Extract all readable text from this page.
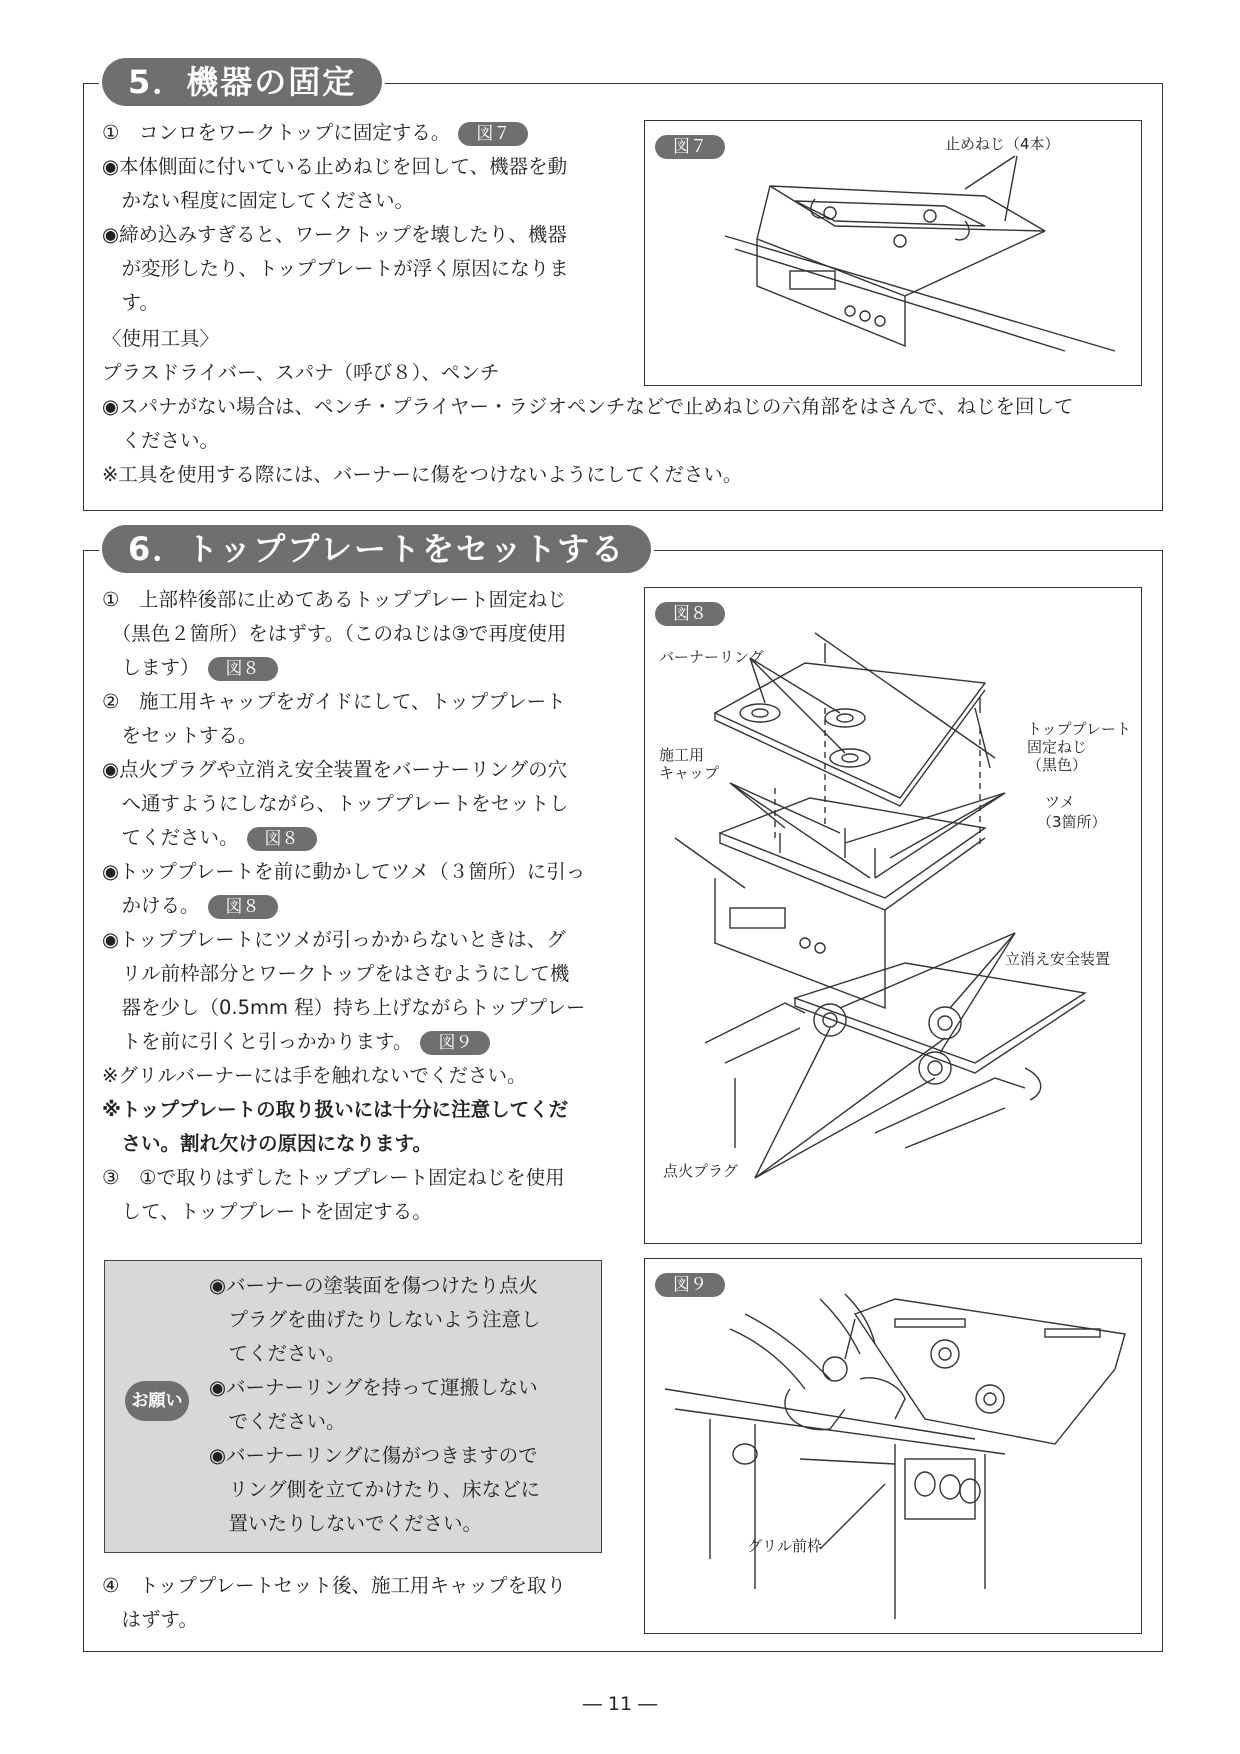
5．機器の固定
①　コンロをワークトップに固定する。 図７
◉本体側面に付いている止めねじを回して、機器を動
　かない程度に固定してください。
◉締め込みすぎると、ワークトップを壊したり、機器
　が変形したり、トッププレートが浮く原因になりま
　す。
〈使用工具〉
プラスドライバー、スパナ（呼び８）、ペンチ
◉スパナがない場合は、ペンチ・プライヤー・ラジオペンチなどで止めねじの六角部をはさんで、ねじを回して
　ください。
※工具を使用する際には、バーナーに傷をつけないようにしてください。
図７	止めねじ（4本）
6．トッププレートをセットする
①　上部枠後部に止めてあるトッププレート固定ねじ
　（黒色２箇所）をはずす。（このねじは③で再度使用
　します） 図８
②　施工用キャップをガイドにして、トッププレート
　をセットする。
◉点火プラグや立消え安全装置をバーナーリングの穴
　へ通すようにしながら、トッププレートをセットし
　てください。 図８
◉トッププレートを前に動かしてツメ（３箇所）に引っ
　かける。 図８
◉トッププレートにツメが引っかからないときは、グ
　リル前枠部分とワークトップをはさむようにして機
　器を少し（0.5mm 程）持ち上げながらトッププレー
　トを前に引くと引っかかります。 図９
※グリルバーナーには手を触れないでください。
※トッププレートの取り扱いには十分に注意してくだ
　さい。割れ欠けの原因になります。
③　①で取りはずしたトッププレート固定ねじを使用
　して、トッププレートを固定する。
お願い
◉バーナーの塗装面を傷つけたり点火
　プラグを曲げたりしないよう注意し
　てください。
◉バーナーリングを持って運搬しない
　でください。
◉バーナーリングに傷がつきますので
　リング側を立てかけたり、床などに
　置いたりしないでください。
④　トッププレートセット後、施工用キャップを取り
　はずす。
図８
バーナーリング
施工用
キャップ
トッププレート
固定ねじ
（黒色）
ツメ
（3箇所）
立消え安全装置
点火プラグ
図９
グリル前枠
― 11 ―
